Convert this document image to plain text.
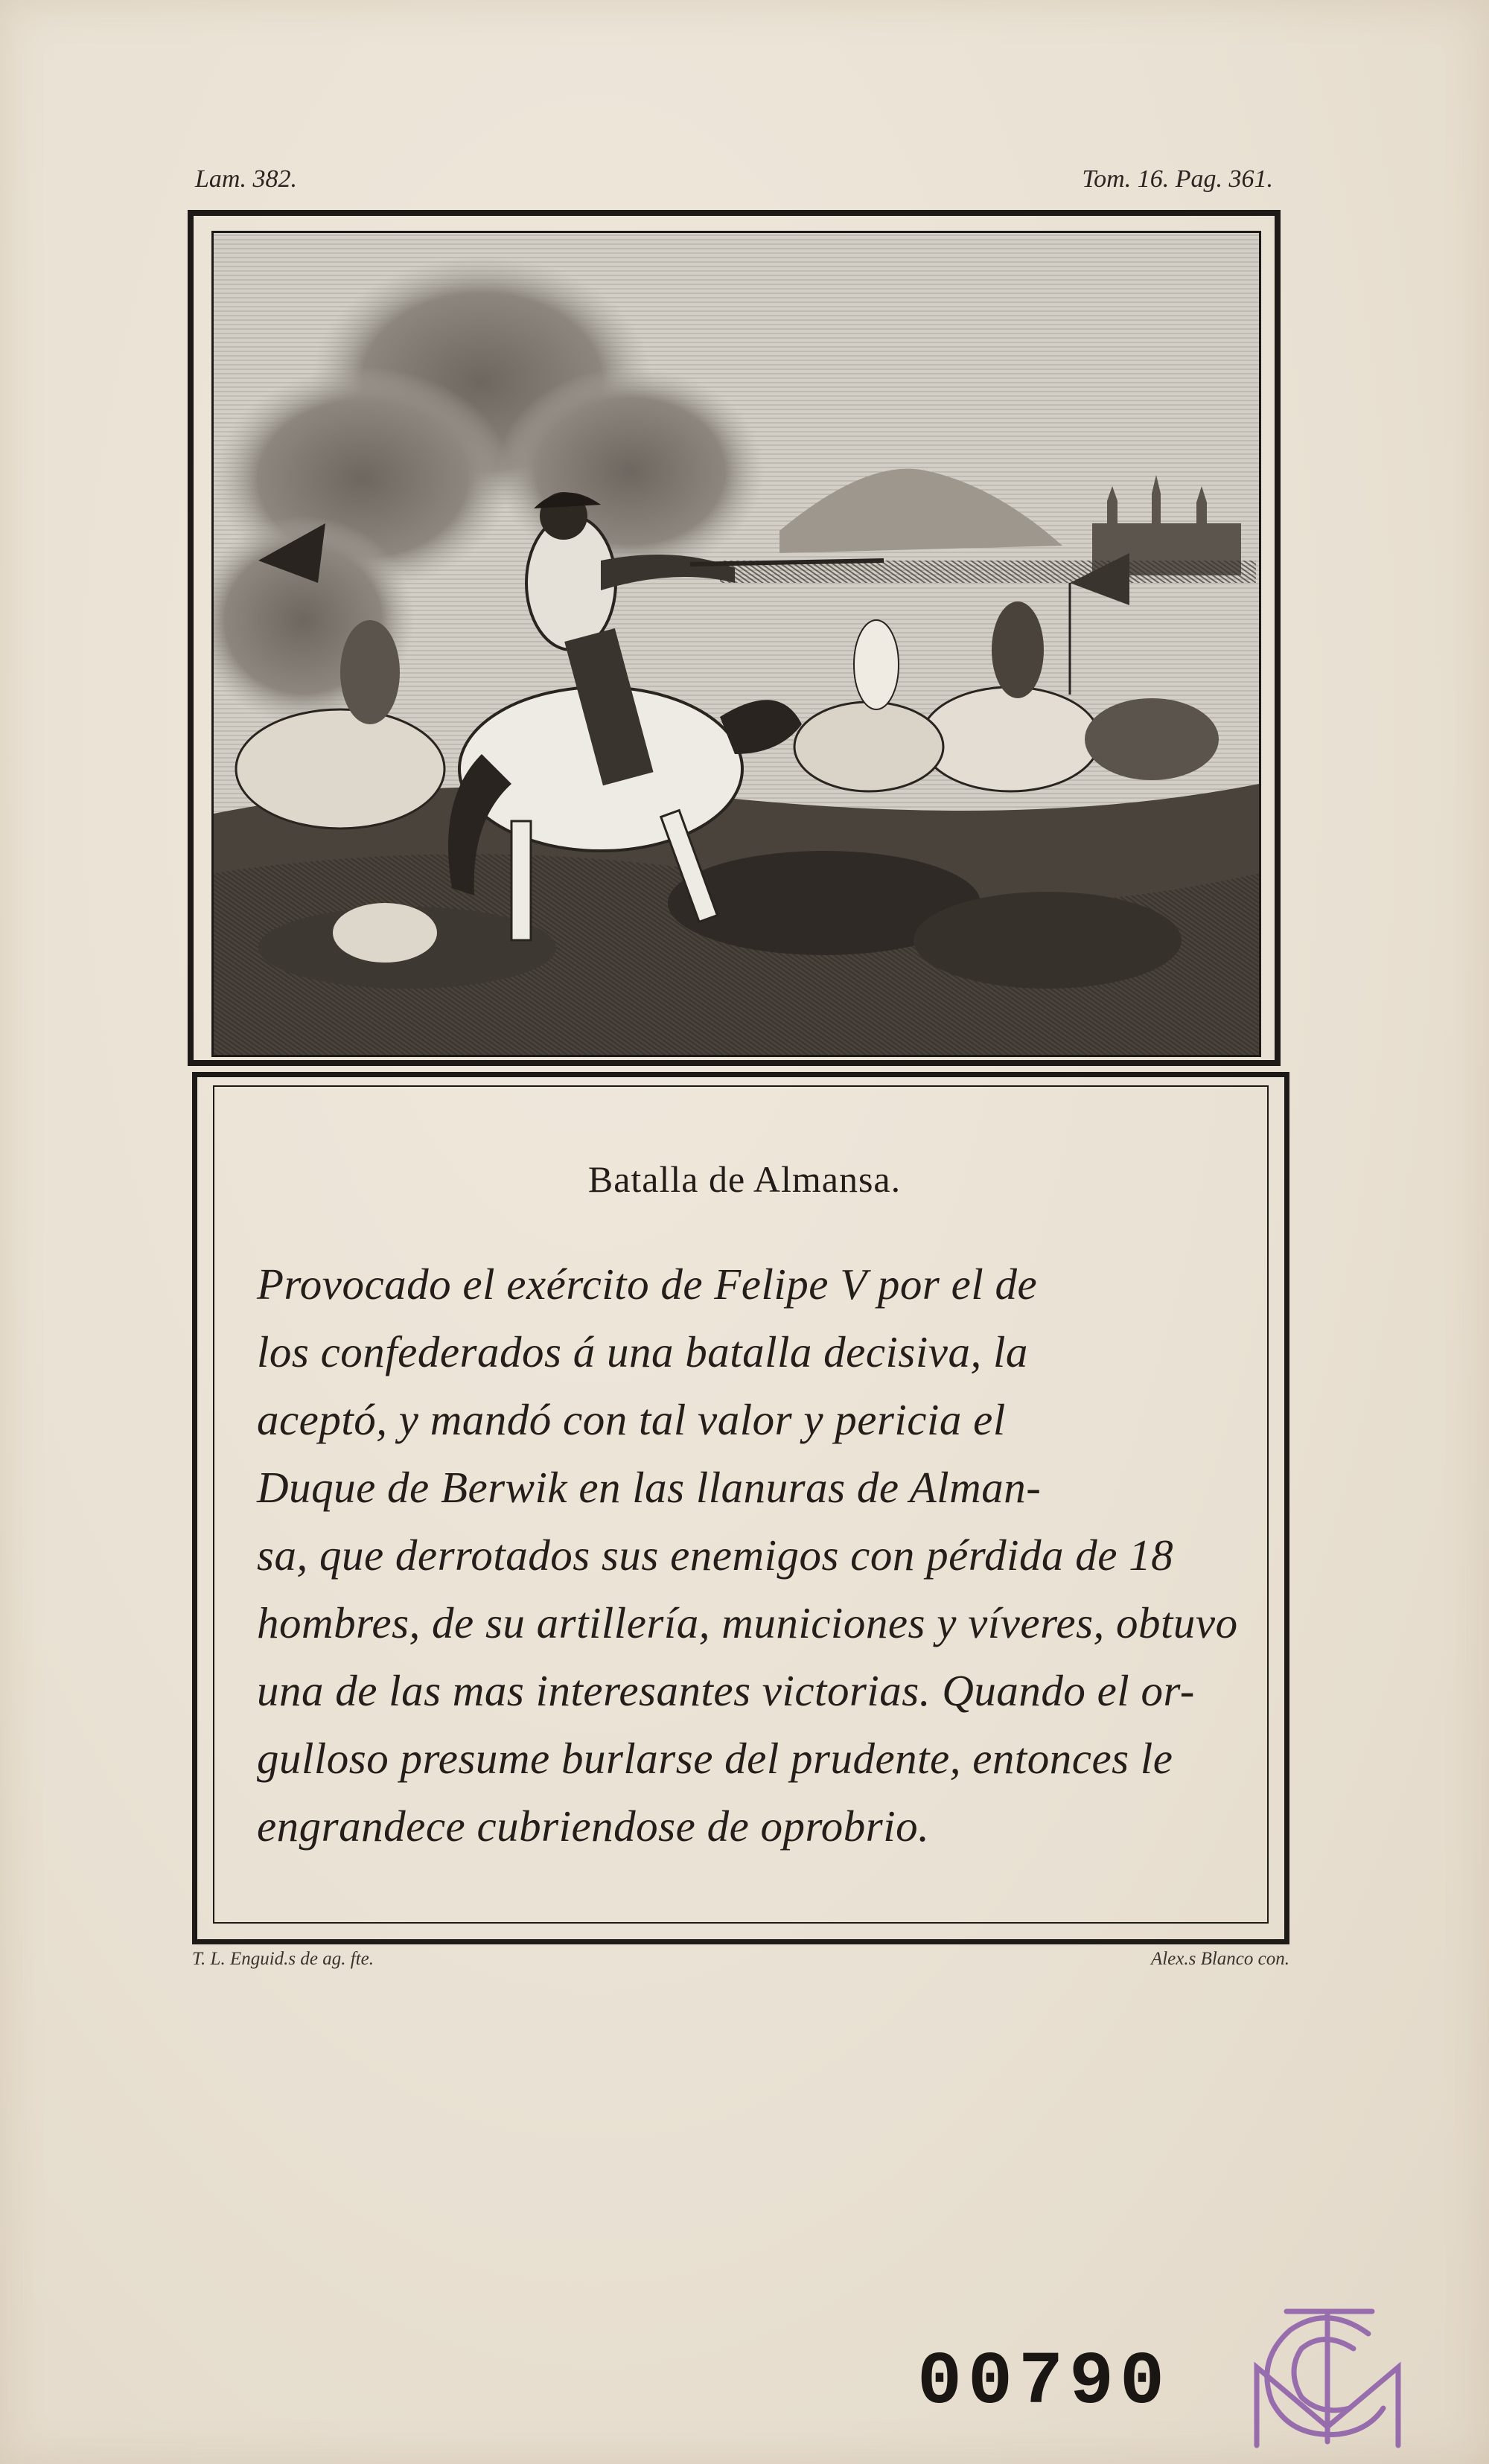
Lam. 382.	Tom. 16. Pag. 361.
Batalla de Almansa.
Provocado el exército de Felipe V por el de
los confederados á una batalla decisiva, la
aceptó, y mandó con tal valor y pericia el
Duque de Berwik en las llanuras de Alman-
sa, que derrotados sus enemigos con pérdida de 18
hombres, de su artillería, municiones y víveres, obtuvo
una de las mas interesantes victorias. Quando el or-
gulloso presume burlarse del prudente, entonces le
engrandece cubriendose de oprobrio.
T. L. Enguid.s de ag. fte.	Alex.s Blanco con.
00790
